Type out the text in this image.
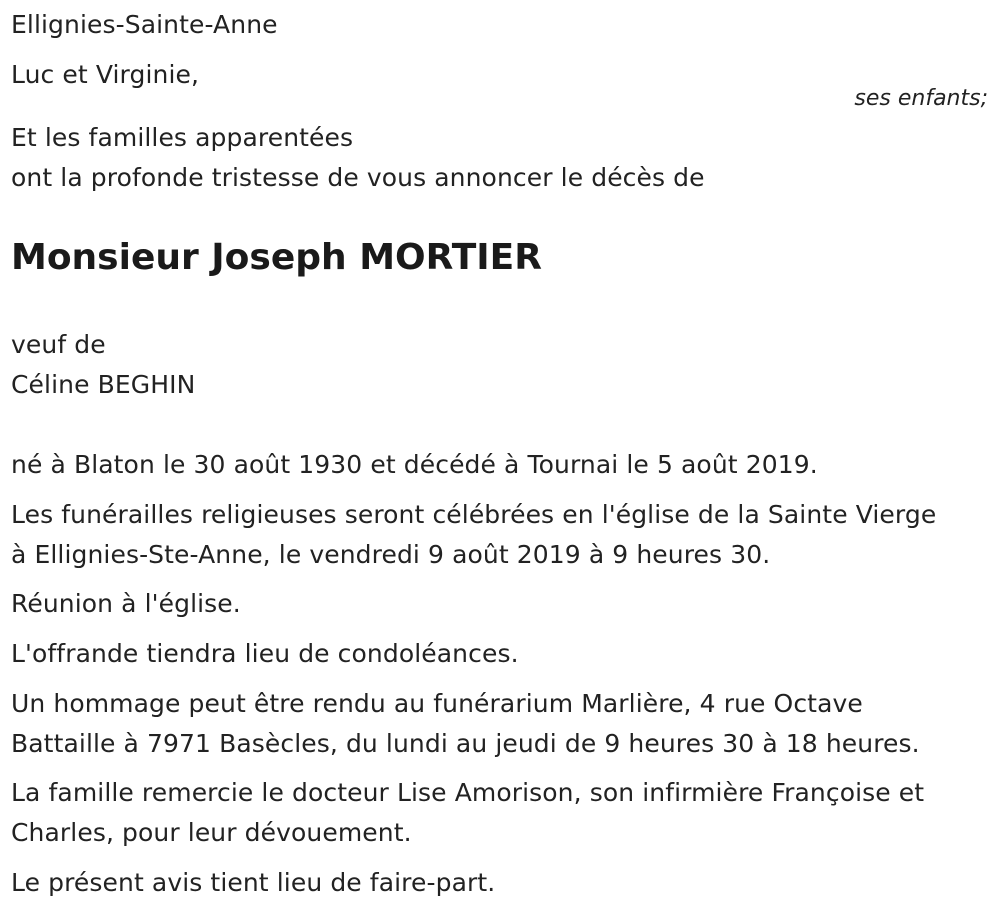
Ellignies-Sainte-Anne
Luc et Virginie,
ses enfants;
Et les familles apparentées
ont la profonde tristesse de vous annoncer le décès de
Monsieur Joseph MORTIER
veuf de
Céline BEGHIN
né à Blaton le 30 août 1930 et décédé à Tournai le 5 août 2019.
Les funérailles religieuses seront célébrées en l'église de la Sainte Vierge
à Ellignies-Ste-Anne, le vendredi 9 août 2019 à 9 heures 30.
Réunion à l'église.
L'offrande tiendra lieu de condoléances.
Un hommage peut être rendu au funérarium Marlière, 4 rue Octave
Battaille à 7971 Basècles, du lundi au jeudi de 9 heures 30 à 18 heures.
La famille remercie le docteur Lise Amorison, son infirmière Françoise et
Charles, pour leur dévouement.
Le présent avis tient lieu de faire-part.
